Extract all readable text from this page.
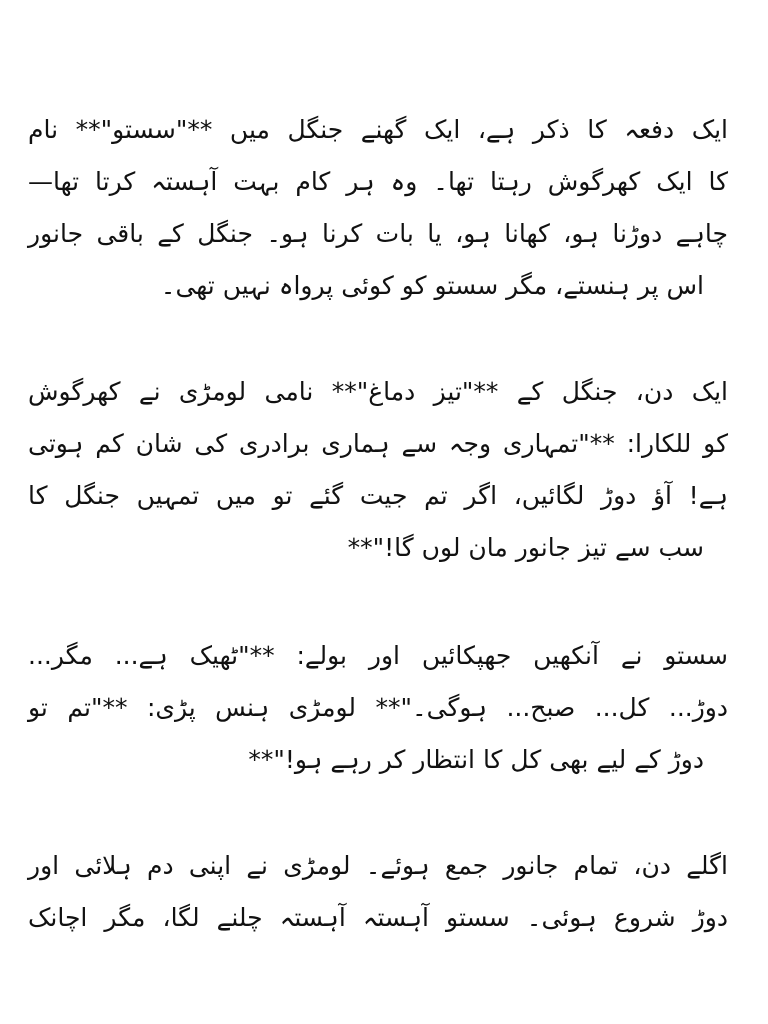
ایک دفعہ کا ذکر ہے، ایک گھنے جنگل میں **"سستو"** نام
کا ایک کھرگوش رہتا تھا۔ وہ ہر کام بہت آہستہ کرتا تھا—
چاہے دوڑنا ہو، کھانا ہو، یا بات کرنا ہو۔ جنگل کے باقی جانور
اس پر ہنستے، مگر سستو کو کوئی پرواہ نہیں تھی۔
ایک دن، جنگل کے **"تیز دماغ"** نامی لومڑی نے کھرگوش
کو للکارا: **"تمہاری وجہ سے ہماری برادری کی شان کم ہوتی
ہے! آؤ دوڑ لگائیں، اگر تم جیت گئے تو میں تمہیں جنگل کا
سب سے تیز جانور مان لوں گا!"**
سستو نے آنکھیں جھپکائیں اور بولے: **"ٹھیک ہے... مگر...
دوڑ... کل... صبح... ہوگی۔"** لومڑی ہنس پڑی: **"تم تو
دوڑ کے لیے بھی کل کا انتظار کر رہے ہو!"**
اگلے دن، تمام جانور جمع ہوئے۔ لومڑی نے اپنی دم ہلائی اور
دوڑ شروع ہوئی۔ سستو آہستہ آہستہ چلنے لگا، مگر اچانک
